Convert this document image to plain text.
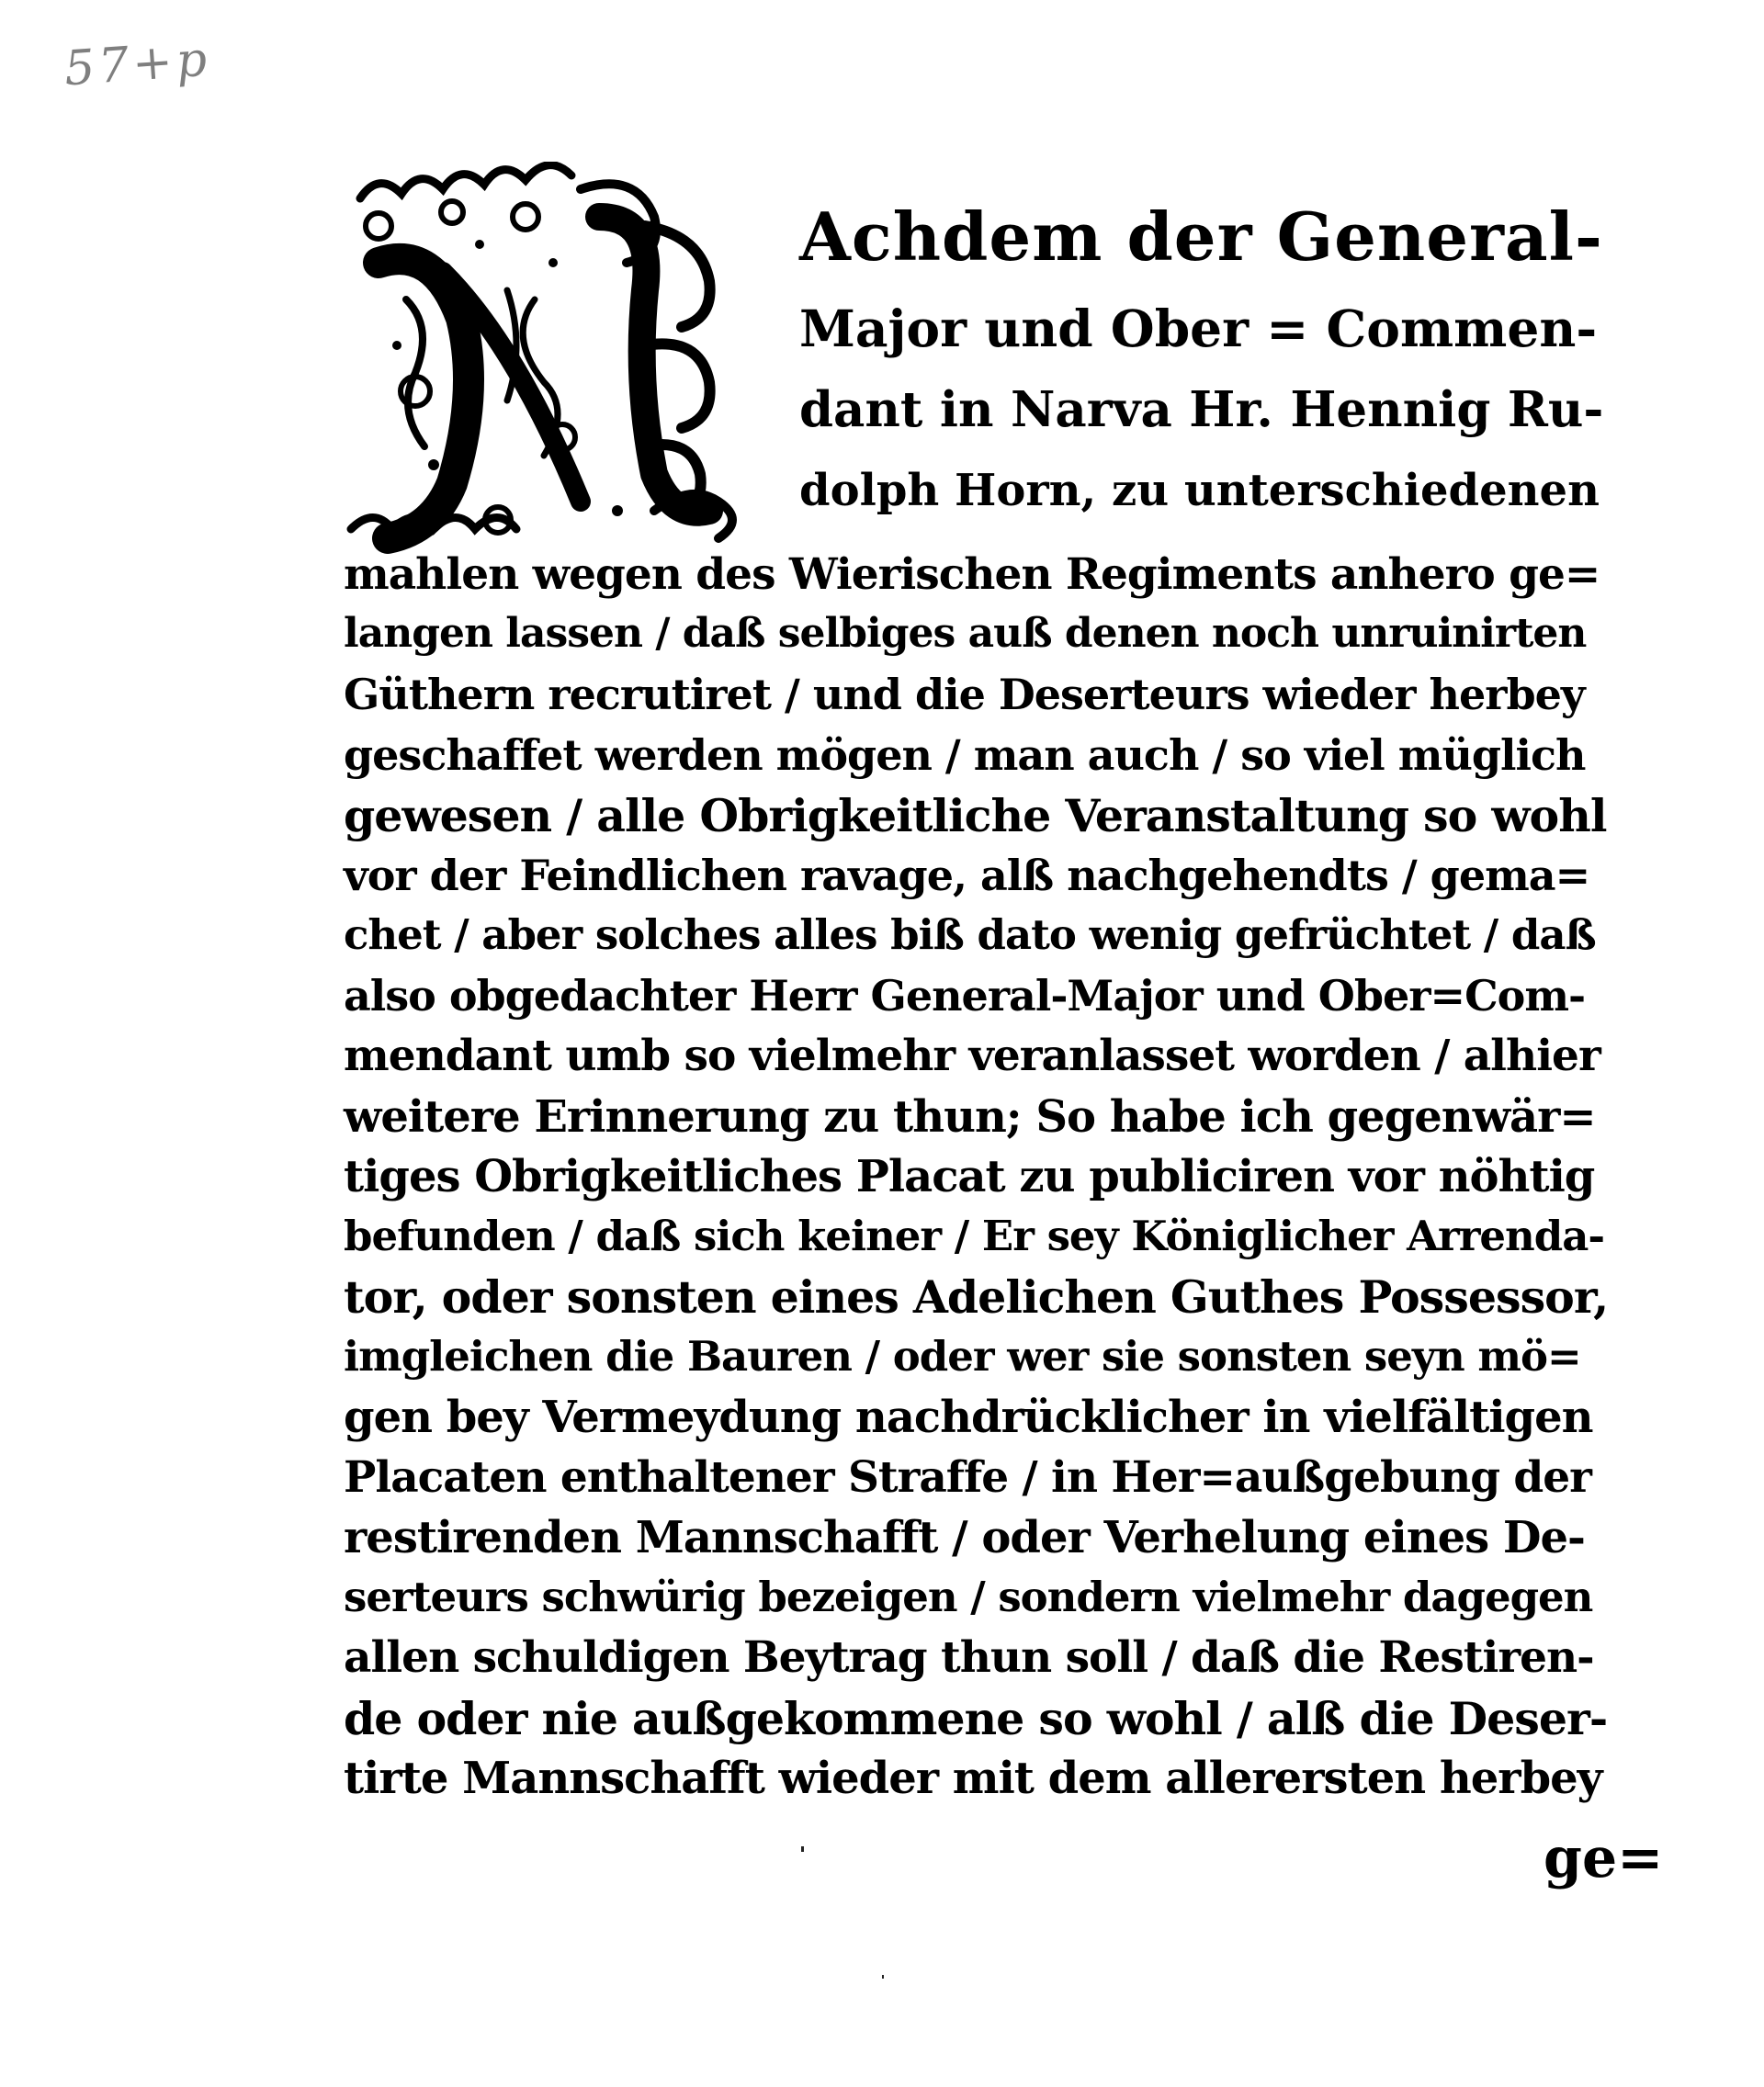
57+p
Achdem der General-
Major und Ober = Commen-
dant in Narva Hr. Hennig Ru-
dolph Horn, zu unterschiedenen
mahlen wegen des Wierischen Regiments anhero ge=
langen lassen / daß selbiges auß denen noch unruinirten
Güthern recrutiret / und die Deserteurs wieder herbey
geschaffet werden mögen / man auch / so viel müglich
gewesen / alle Obrigkeitliche Veranstaltung so wohl
vor der Feindlichen ravage, alß nachgehendts / gema=
chet / aber solches alles biß dato wenig gefrüchtet / daß
also obgedachter Herr General-Major und Ober=Com-
mendant umb so vielmehr veranlasset worden / alhier
weitere Erinnerung zu thun; So habe ich gegenwär=
tiges Obrigkeitliches Placat zu publiciren vor nöhtig
befunden / daß sich keiner / Er sey Königlicher Arrenda-
tor, oder sonsten eines Adelichen Guthes Possessor,
imgleichen die Bauren / oder wer sie sonsten seyn mö=
gen bey Vermeydung nachdrücklicher in vielfältigen
Placaten enthaltener Straffe / in Her=außgebung der
restirenden Mannschafft / oder Verhelung eines De-
serteurs schwürig bezeigen / sondern vielmehr dagegen
allen schuldigen Beytrag thun soll / daß die Restiren-
de oder nie außgekommene so wohl / alß die Deser-
tirte Mannschafft wieder mit dem allerersten herbey
ge=
